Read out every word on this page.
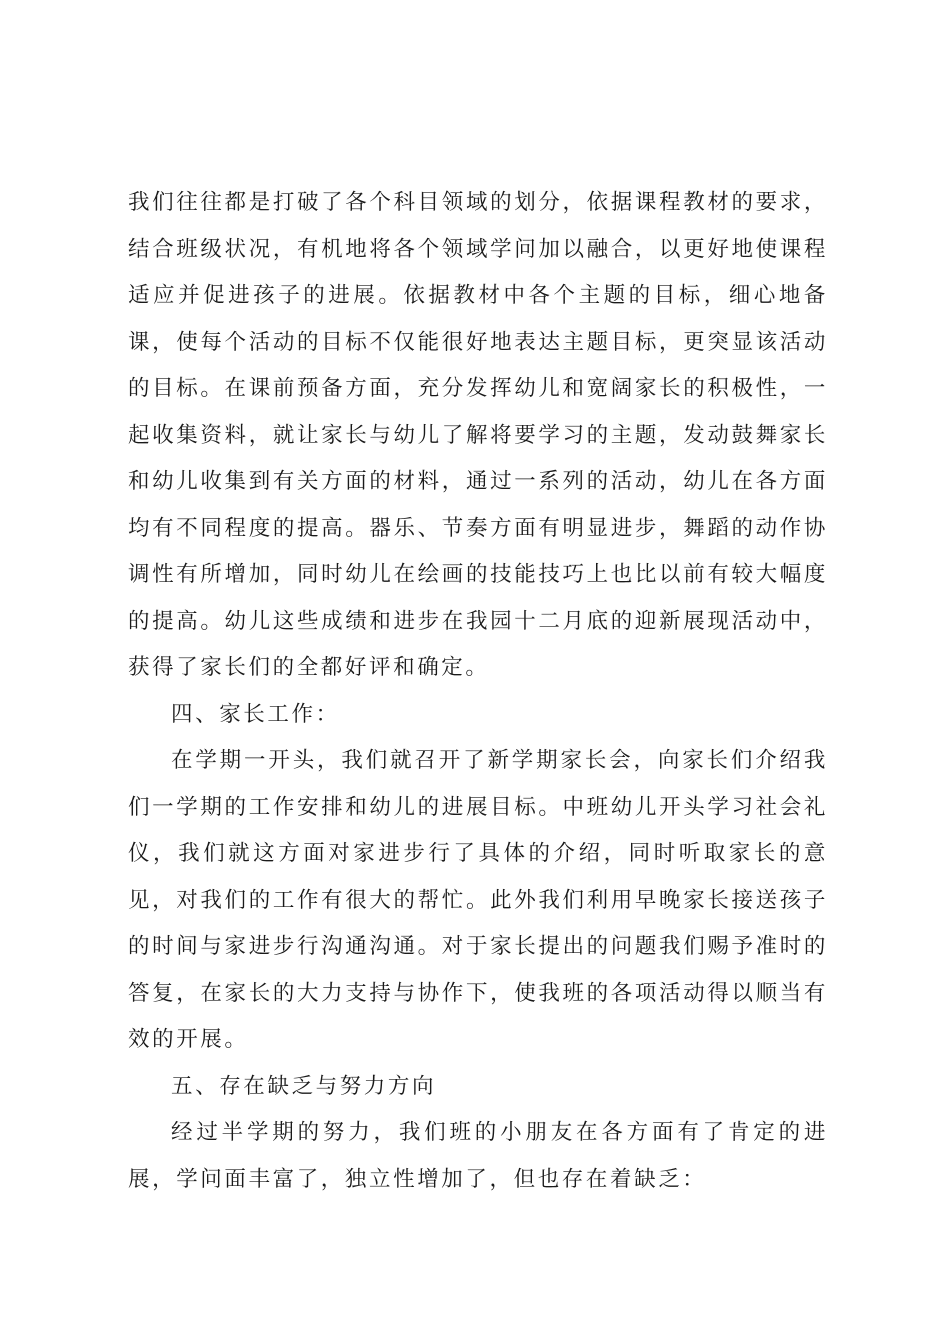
我们往往都是打破了各个科目领域的划分，依据课程教材的要求，结合班级状况，有机地将各个领域学问加以融合，以更好地使课程适应并促进孩子的进展。依据教材中各个主题的目标，细心地备课，使每个活动的目标不仅能很好地表达主题目标，更突显该活动的目标。在课前预备方面，充分发挥幼儿和宽阔家长的积极性，一起收集资料，就让家长与幼儿了解将要学习的主题，发动鼓舞家长和幼儿收集到有关方面的材料，通过一系列的活动，幼儿在各方面均有不同程度的提高。器乐、节奏方面有明显进步，舞蹈的动作协调性有所增加，同时幼儿在绘画的技能技巧上也比以前有较大幅度的提高。幼儿这些成绩和进步在我园十二月底的迎新展现活动中，获得了家长们的全都好评和确定。

四、家长工作：

在学期一开头，我们就召开了新学期家长会，向家长们介绍我们一学期的工作安排和幼儿的进展目标。中班幼儿开头学习社会礼仪，我们就这方面对家进步行了具体的介绍，同时听取家长的意见，对我们的工作有很大的帮忙。此外我们利用早晚家长接送孩子的时间与家进步行沟通沟通。对于家长提出的问题我们赐予准时的答复，在家长的大力支持与协作下，使我班的各项活动得以顺当有效的开展。

五、存在缺乏与努力方向

经过半学期的努力，我们班的小朋友在各方面有了肯定的进展，学问面丰富了，独立性增加了，但也存在着缺乏：
